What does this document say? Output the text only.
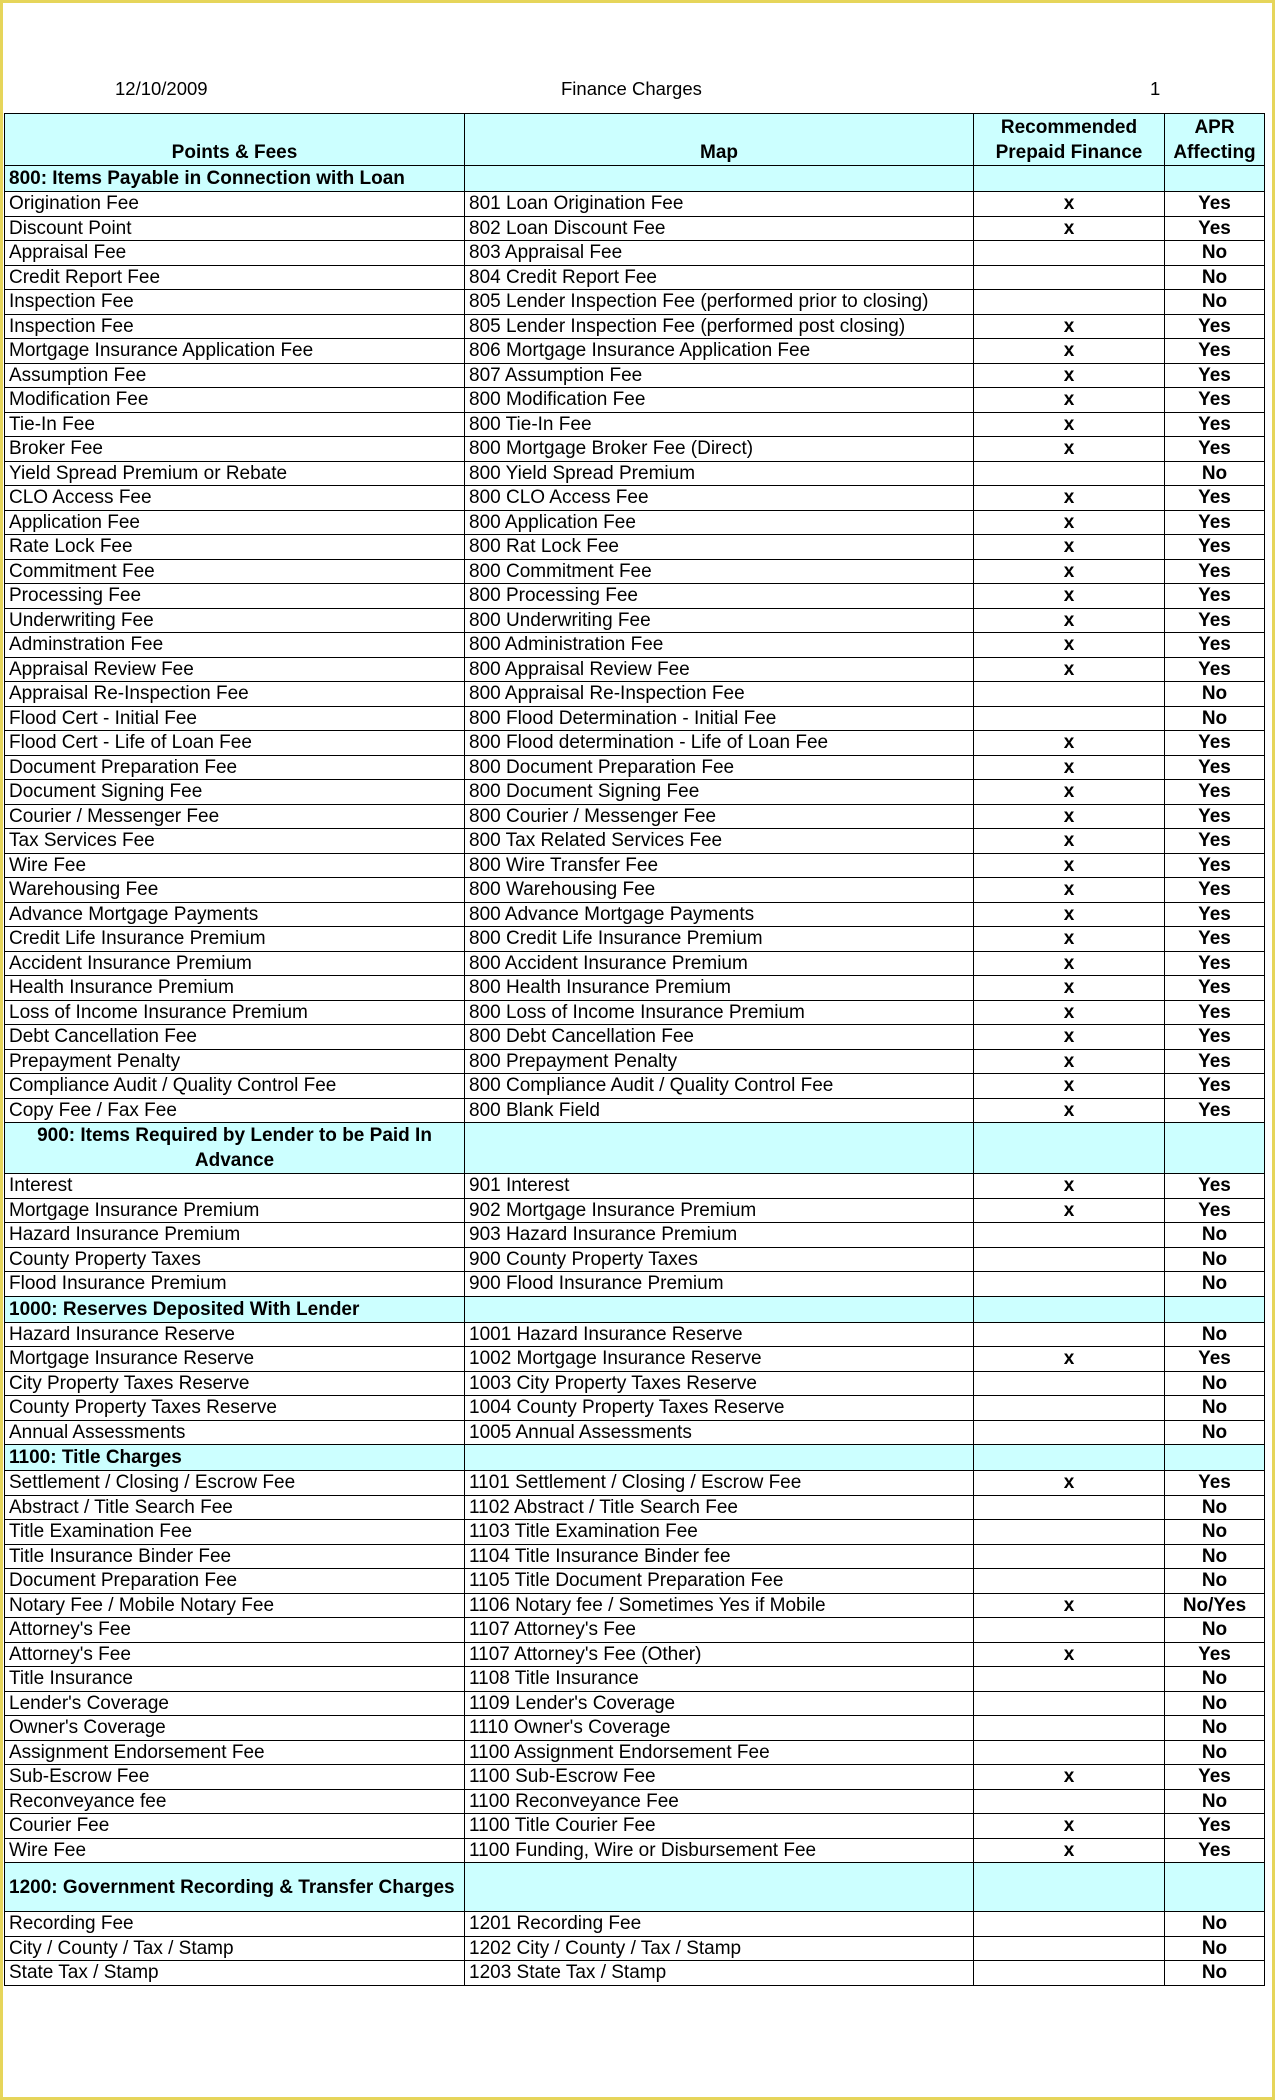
12/10/2009	Finance Charges	1
Points & Fees	Map	Recommended Prepaid Finance	APR Affecting
800: Items Payable in Connection with Loan			
Origination Fee	801 Loan Origination Fee	x	Yes
Discount Point	802 Loan Discount Fee	x	Yes
Appraisal Fee	803 Appraisal Fee		No
Credit Report Fee	804 Credit Report Fee		No
Inspection Fee	805 Lender Inspection Fee (performed prior to closing)		No
Inspection Fee	805 Lender Inspection Fee (performed post closing)	x	Yes
Mortgage Insurance Application Fee	806 Mortgage Insurance Application Fee	x	Yes
Assumption Fee	807 Assumption Fee	x	Yes
Modification Fee	800 Modification Fee	x	Yes
Tie-In Fee	800 Tie-In Fee	x	Yes
Broker Fee	800 Mortgage Broker Fee (Direct)	x	Yes
Yield Spread Premium or Rebate	800 Yield Spread Premium		No
CLO Access Fee	800 CLO Access Fee	x	Yes
Application Fee	800 Application Fee	x	Yes
Rate Lock Fee	800 Rat Lock Fee	x	Yes
Commitment Fee	800 Commitment Fee	x	Yes
Processing Fee	800 Processing Fee	x	Yes
Underwriting Fee	800 Underwriting Fee	x	Yes
Adminstration Fee	800 Administration Fee	x	Yes
Appraisal Review Fee	800 Appraisal Review Fee	x	Yes
Appraisal Re-Inspection Fee	800 Appraisal Re-Inspection Fee		No
Flood Cert - Initial Fee	800 Flood Determination - Initial Fee		No
Flood Cert - Life of Loan Fee	800 Flood determination - Life of Loan Fee	x	Yes
Document Preparation Fee	800 Document Preparation Fee	x	Yes
Document Signing Fee	800 Document Signing Fee	x	Yes
Courier / Messenger Fee	800 Courier / Messenger Fee	x	Yes
Tax Services Fee	800 Tax Related Services Fee	x	Yes
Wire Fee	800 Wire Transfer Fee	x	Yes
Warehousing Fee	800 Warehousing Fee	x	Yes
Advance Mortgage Payments	800 Advance Mortgage Payments	x	Yes
Credit Life Insurance Premium	800 Credit Life Insurance Premium	x	Yes
Accident Insurance Premium	800 Accident Insurance Premium	x	Yes
Health Insurance Premium	800 Health Insurance Premium	x	Yes
Loss of Income Insurance Premium	800 Loss of Income Insurance Premium	x	Yes
Debt Cancellation Fee	800 Debt Cancellation Fee	x	Yes
Prepayment Penalty	800 Prepayment Penalty	x	Yes
Compliance Audit / Quality Control Fee	800 Compliance Audit / Quality Control Fee	x	Yes
Copy Fee / Fax Fee	800 Blank Field	x	Yes
900: Items Required by Lender to be Paid In Advance			
Interest	901 Interest	x	Yes
Mortgage Insurance Premium	902 Mortgage Insurance Premium	x	Yes
Hazard Insurance Premium	903 Hazard Insurance Premium		No
County Property Taxes	900 County Property Taxes		No
Flood Insurance Premium	900 Flood Insurance Premium		No
1000: Reserves Deposited With Lender			
Hazard Insurance Reserve	1001 Hazard Insurance Reserve		No
Mortgage Insurance Reserve	1002 Mortgage Insurance Reserve	x	Yes
City Property Taxes Reserve	1003 City Property Taxes Reserve		No
County Property Taxes Reserve	1004 County Property Taxes Reserve		No
Annual Assessments	1005 Annual Assessments		No
1100: Title Charges			
Settlement / Closing / Escrow Fee	1101 Settlement / Closing / Escrow Fee	x	Yes
Abstract / Title Search Fee	1102 Abstract / Title Search Fee		No
Title Examination Fee	1103 Title Examination Fee		No
Title Insurance Binder Fee	1104 Title Insurance Binder fee		No
Document Preparation Fee	1105 Title Document Preparation Fee		No
Notary Fee / Mobile Notary Fee	1106 Notary fee / Sometimes Yes if Mobile	x	No/Yes
Attorney's Fee	1107 Attorney's Fee		No
Attorney's Fee	1107 Attorney's Fee (Other)	x	Yes
Title Insurance	1108 Title Insurance		No
Lender's Coverage	1109 Lender's Coverage		No
Owner's Coverage	1110 Owner's Coverage		No
Assignment Endorsement Fee	1100 Assignment Endorsement Fee		No
Sub-Escrow Fee	1100 Sub-Escrow Fee	x	Yes
Reconveyance fee	1100 Reconveyance Fee		No
Courier Fee	1100 Title Courier Fee	x	Yes
Wire Fee	1100 Funding, Wire or Disbursement Fee	x	Yes
1200: Government Recording & Transfer Charges			
Recording Fee	1201 Recording Fee		No
City / County / Tax / Stamp	1202 City / County / Tax / Stamp		No
State Tax / Stamp	1203 State Tax / Stamp		No
